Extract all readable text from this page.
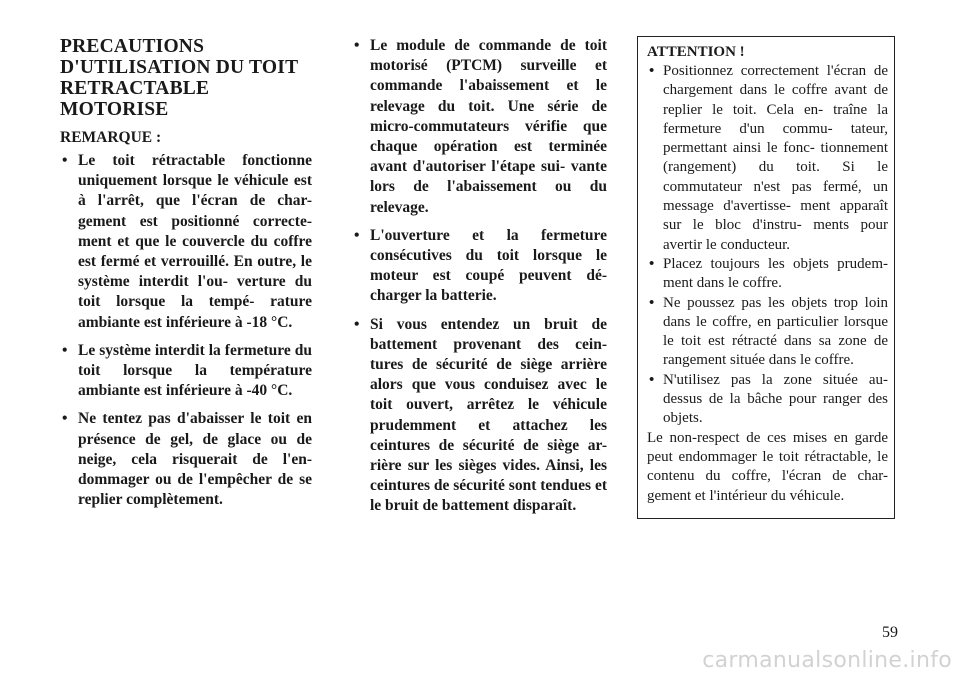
PRECAUTIONS
D'UTILISATION DU TOIT
RETRACTABLE MOTORISE
REMARQUE :
• Le toit rétractable fonctionne uniquement lorsque le véhicule est à l'arrêt, que l'écran de char- gement est positionné correcte- ment et que le couvercle du coffre est fermé et verrouillé. En outre, le système interdit l'ou- verture du toit lorsque la tempé- rature ambiante est inférieure à -18 °C.
• Le système interdit la fermeture du toit lorsque la température ambiante est inférieure à -40 °C.
• Ne tentez pas d'abaisser le toit en présence de gel, de glace ou de neige, cela risquerait de l'en- dommager ou de l'empêcher de se replier complètement.
• Le module de commande de toit motorisé (PTCM) surveille et commande l'abaissement et le relevage du toit. Une série de micro-commutateurs vérifie que chaque opération est terminée avant d'autoriser l'étape sui- vante lors de l'abaissement ou du relevage.
• L'ouverture et la fermeture consécutives du toit lorsque le moteur est coupé peuvent dé- charger la batterie.
• Si vous entendez un bruit de battement provenant des cein- tures de sécurité de siège arrière alors que vous conduisez avec le toit ouvert, arrêtez le véhicule prudemment et attachez les ceintures de sécurité de siège ar- rière sur les sièges vides. Ainsi, les ceintures de sécurité sont tendues et le bruit de battement disparaît.
ATTENTION !
• Positionnez correctement l'écran de chargement dans le coffre avant de replier le toit. Cela en- traîne la fermeture d'un commu- tateur, permettant ainsi le fonc- tionnement (rangement) du toit. Si le commutateur n'est pas fermé, un message d'avertisse- ment apparaît sur le bloc d'instru- ments pour avertir le conducteur.
• Placez toujours les objets prudem- ment dans le coffre.
• Ne poussez pas les objets trop loin dans le coffre, en particulier lorsque le toit est rétracté dans sa zone de rangement située dans le coffre.
• N'utilisez pas la zone située au- dessus de la bâche pour ranger des objets.
Le non-respect de ces mises en garde peut endommager le toit rétractable, le contenu du coffre, l'écran de char- gement et l'intérieur du véhicule.
59
carmanualsonline.info
